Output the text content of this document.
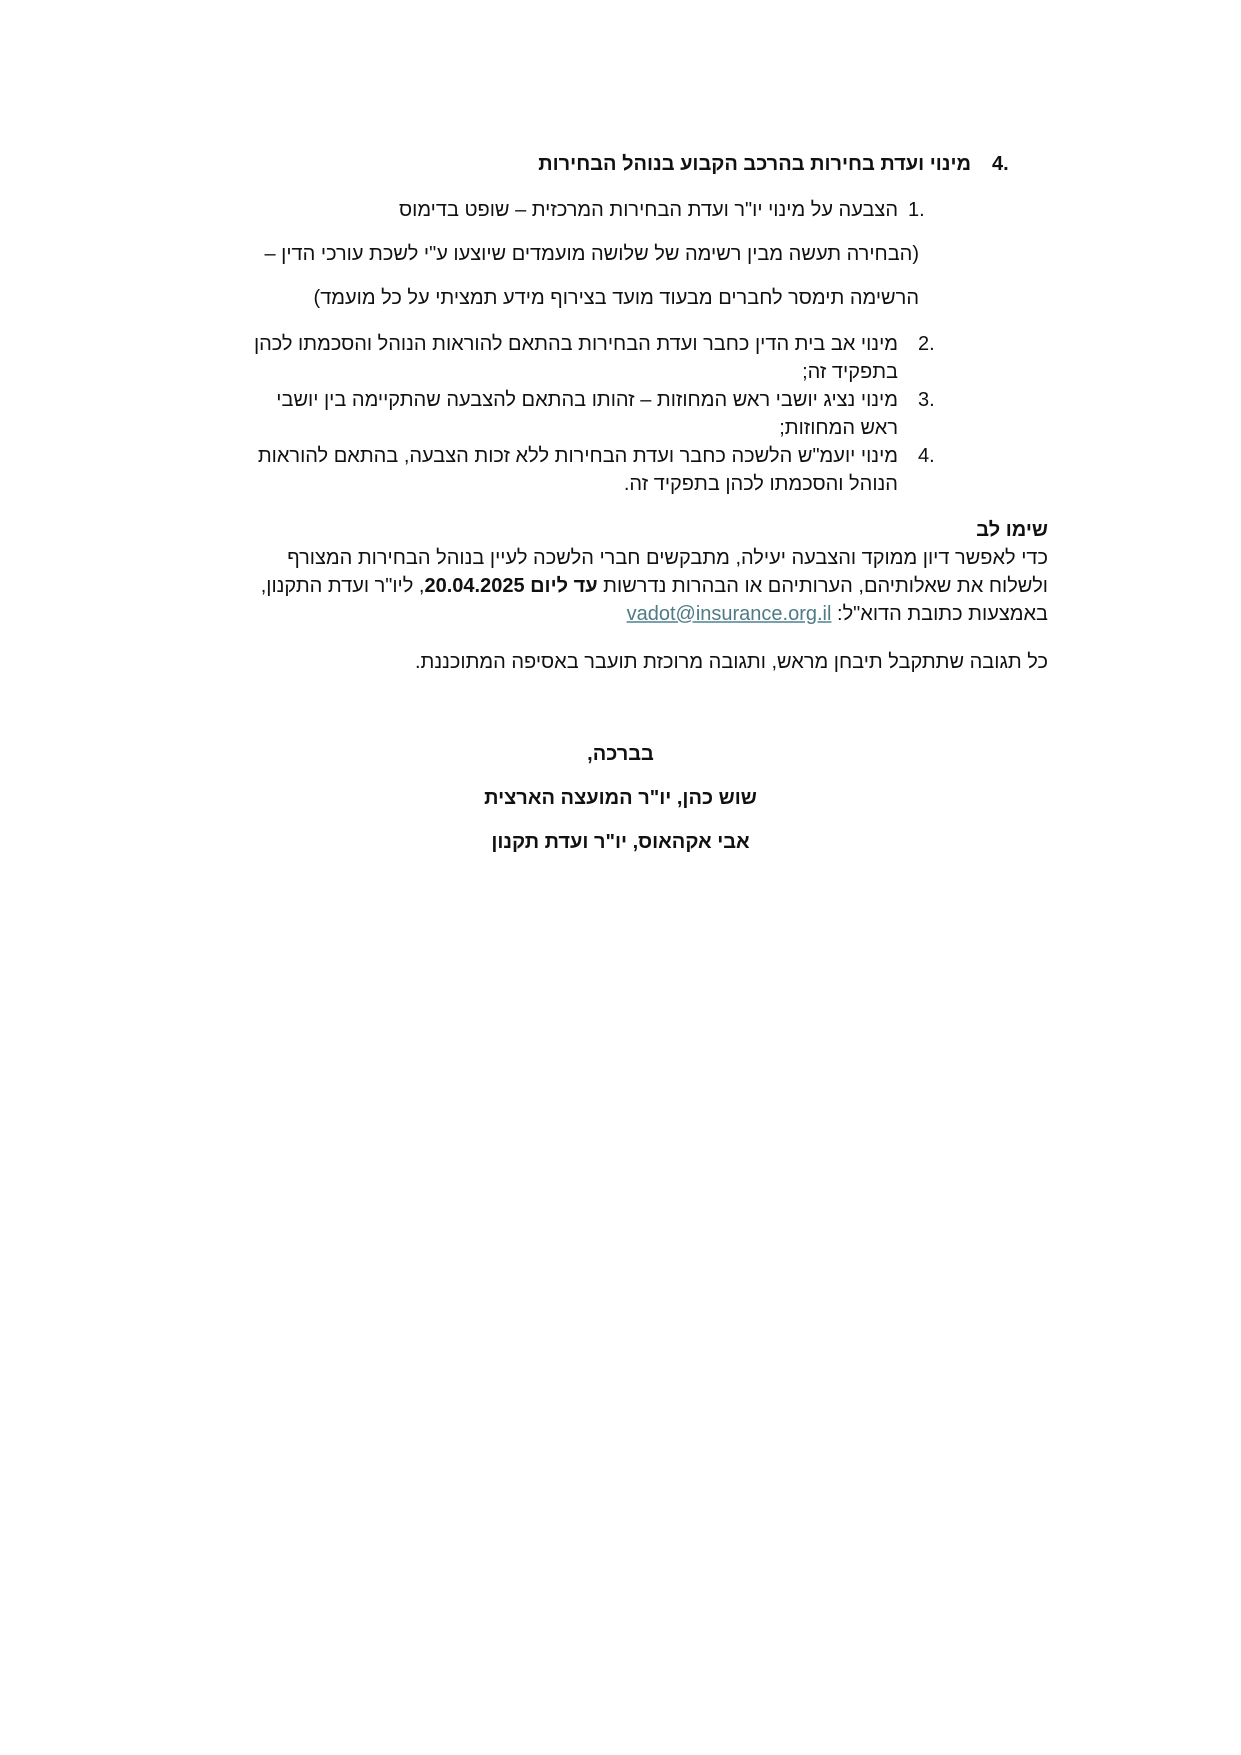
4.
מינוי ועדת בחירות בהרכב הקבוע בנוהל הבחירות
1.
הצבעה על מינוי יו"ר ועדת הבחירות המרכזית – שופט בדימוס
(הבחירה תעשה מבין רשימה של שלושה מועמדים שיוצעו ע"י לשכת עורכי הדין –
הרשימה תימסר לחברים מבעוד מועד בצירוף מידע תמציתי על כל מועמד)
2.
מינוי אב בית הדין כחבר ועדת הבחירות בהתאם להוראות הנוהל והסכמתו לכהן
בתפקיד זה;
3.
מינוי נציג יושבי ראש המחוזות – זהותו בהתאם להצבעה שהתקיימה בין יושבי
ראש המחוזות;
4.
מינוי יועמ"ש הלשכה כחבר ועדת הבחירות ללא זכות הצבעה, בהתאם להוראות
הנוהל והסכמתו לכהן בתפקיד זה.
שימו לב
כדי לאפשר דיון ממוקד והצבעה יעילה, מתבקשים חברי הלשכה לעיין בנוהל הבחירות המצורף
ולשלוח את שאלותיהם, הערותיהם או הבהרות נדרשות עד ליום 20.04.2025, ליו"ר ועדת התקנון,
באמצעות כתובת הדוא"ל: vadot@insurance.org.il
כל תגובה שתתקבל תיבחן מראש, ותגובה מרוכזת תועבר באסיפה המתוכננת.
בברכה,
שוש כהן, יו"ר המועצה הארצית
אבי אקהאוס, יו"ר ועדת תקנון
